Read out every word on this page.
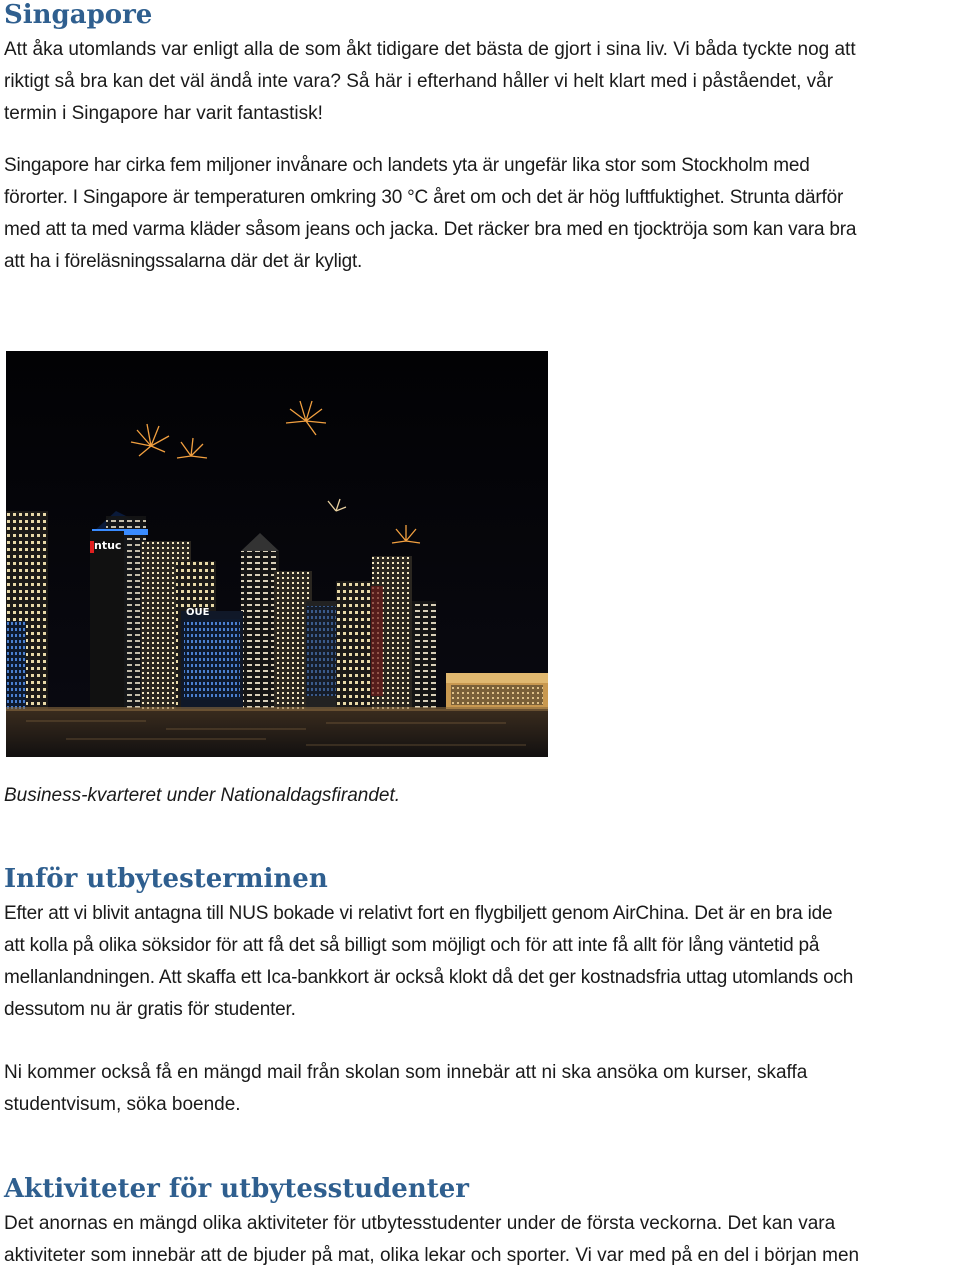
Singapore

Att åka utomlands var enligt alla de som åkt tidigare det bästa de gjort i sina liv. Vi båda tyckte nog att
riktigt så bra kan det väl ändå inte vara? Så här i efterhand håller vi helt klart med i påståendet, vår
termin i Singapore har varit fantastisk!

Singapore har cirka fem miljoner invånare och landets yta är ungefär lika stor som Stockholm med
förorter. I Singapore är temperaturen omkring 30 °C året om och det är hög luftfuktighet. Strunta därför
med att ta med varma kläder såsom jeans och jacka. Det räcker bra med en tjocktröja som kan vara bra
att ha i föreläsningssalarna där det är kyligt.

ntuc
OUE

Business-kvarteret under Nationaldagsfirandet.

Inför utbytesterminen

Efter att vi blivit antagna till NUS bokade vi relativt fort en flygbiljett genom AirChina. Det är en bra ide
att kolla på olika söksidor för att få det så billigt som möjligt och för att inte få allt för lång väntetid på
mellanlandningen. Att skaffa ett Ica-bankkort är också klokt då det ger kostnadsfria uttag utomlands och
dessutom nu är gratis för studenter.

Ni kommer också få en mängd mail från skolan som innebär att ni ska ansöka om kurser, skaffa
studentvisum, söka boende.

Aktiviteter för utbytesstudenter

Det anornas en mängd olika aktiviteter för utbytesstudenter under de första veckorna. Det kan vara
aktiviteter som innebär att de bjuder på mat, olika lekar och sporter. Vi var med på en del i början men
